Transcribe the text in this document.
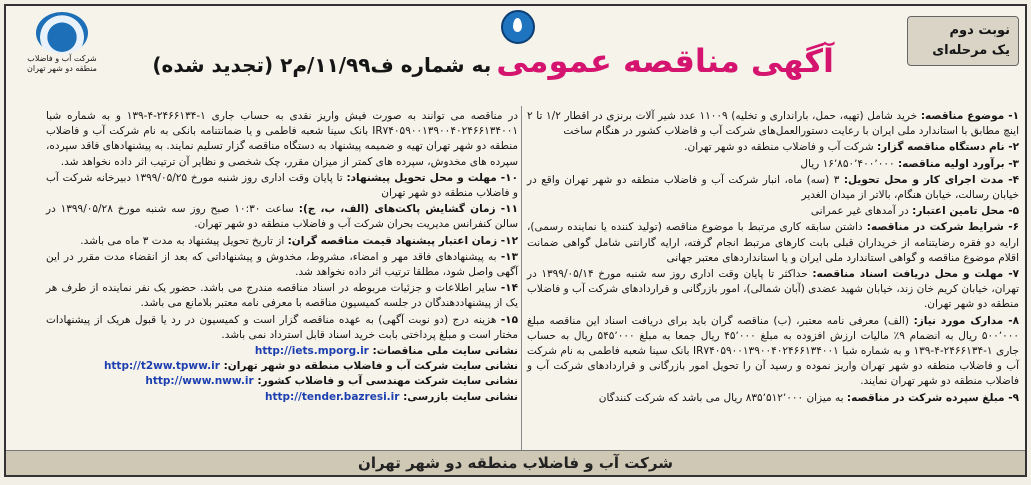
شرکت آب و فاضلاب منطقه دو شهر تهران
نوبت دوم
یک مرحله‌ای
آگهی مناقصه عمومی به شماره ف۱۱/۹۹/م۲ (تجدید شده)

۱- موضوع مناقصه: خرید شامل (تهیه، حمل، بارانداری و تخلیه) ۱۱۰۰۹ عدد شیر آلات برنزی در اقطار ۱/۲ تا ۲ اینچ مطابق با استاندارد ملی ایران با رعایت دستورالعمل‌های شرکت آب و فاضلاب کشور در هنگام ساخت

۲- نام دستگاه مناقصه گزار: شرکت آب و فاضلاب منطقه دو شهر تهران.

۳- برآورد اولیه مناقصه: ۱۶٬۸۵۰٬۴۰۰٬۰۰۰ ریال

۴- مدت اجرای کار و محل تحویل: ۳ (سه) ماه، انبار شرکت آب و فاضلاب منطقه دو شهر تهران واقع در خیابان رسالت، خیابان هنگام، بالاتر از میدان الغدیر

۵- محل تامین اعتبار: در آمدهای غیر عمرانی

۶- شرایط شرکت در مناقصه: داشتن سابقه کاری مرتبط با موضوع مناقصه (تولید کننده یا نماینده رسمی)، ارایه دو فقره رضایتنامه از خریداران قبلی بابت کارهای مرتبط انجام گرفته، ارایه گارانتی شامل گواهی ضمانت اقلام موضوع مناقصه و گواهی استاندارد ملی ایران و یا استانداردهای معتبر جهانی

۷- مهلت و محل دریافت اسناد مناقصه: حداکثر تا پایان وقت اداری روز سه شنبه مورخ ۱۳۹۹/۰۵/۱۴ در تهران، خیابان کریم خان زند، خیابان شهید عضدی (آبان شمالی)، امور بازرگانی و قراردادهای شرکت آب و فاضلاب منطقه دو شهر تهران.

۸- مدارک مورد نیاز: (الف) معرفی نامه معتبر، (ب) مناقصه گران باید برای دریافت اسناد این مناقصه مبلغ ۵۰۰٬۰۰۰ ریال به انضمام ۹٪ مالیات ارزش افزوده به مبلغ ۴۵٬۰۰۰ ریال جمعا به مبلغ ۵۴۵٬۰۰۰ ریال به حساب جاری ۱-۲۴۶۶۱۳۴-۴-۱۳۹ و به شماره شبا IR۷۴۰۵۹۰۰۱۳۹۰۰۴۰۲۴۶۶۱۳۴۰۰۱ بانک سینا شعبه فاطمی به نام شرکت آب و فاضلاب منطقه دو شهر تهران واریز نموده و رسید آن را تحویل امور بازرگانی و قراردادهای شرکت آب و فاضلاب منطقه دو شهر تهران نمایند.

۹- مبلغ سپرده شرکت در مناقصه: به میزان ۸۳۵٬۵۱۲٬۰۰۰ ریال می باشد که شرکت کنندگان

در مناقصه می توانند به صورت فیش واریز نقدی به حساب جاری ۱-۲۴۶۶۱۳۴-۴-۱۳۹ و به شماره شبا IR۷۴۰۵۹۰۰۱۳۹۰۰۴۰۲۴۶۶۱۳۴۰۰۱ بانک سینا شعبه فاطمی و یا ضمانتنامه بانکی به نام شرکت آب و فاضلاب منطقه دو شهر تهران تهیه و ضمیمه پیشنهاد به دستگاه مناقصه گزار تسلیم نمایند. به پیشنهادهای فاقد سپرده، سپرده های مخدوش، سپرده های کمتر از میزان مقرر، چک شخصی و نظایر آن ترتیب اثر داده نخواهد شد.

۱۰- مهلت و محل تحویل پیشنهاد: تا پایان وقت اداری روز شنبه مورخ ۱۳۹۹/۰۵/۲۵ دبیرخانه شرکت آب و فاضلاب منطقه دو شهر تهران

۱۱- زمان گشایش پاکت‌های (الف، ب، ج): ساعت ۱۰:۳۰ صبح روز سه شنبه مورخ ۱۳۹۹/۰۵/۲۸ در سالن کنفرانس مدیریت بحران شرکت آب و فاضلاب منطقه دو شهر تهران.

۱۲- زمان اعتبار پیشنهاد قیمت مناقصه گران: از تاریخ تحویل پیشنهاد به مدت ۳ ماه می باشد.

۱۳- به پیشنهادهای فاقد مهر و امضاء، مشروط، مخدوش و پیشنهاداتی که بعد از انقضاء مدت مقرر در این آگهی واصل شود، مطلقا ترتیب اثر داده نخواهد شد.

۱۴- سایر اطلاعات و جزئیات مربوطه در اسناد مناقصه مندرج می باشد. حضور یک نفر نماینده از طرف هر یک از پیشنهاددهندگان در جلسه کمیسیون مناقصه با معرفی نامه معتبر بلامانع می باشد.

۱۵- هزینه درج (دو نوبت آگهی) به عهده مناقصه گزار است و کمیسیون در رد یا قبول هریک از پیشنهادات مختار است و مبلغ پرداختی بابت خرید اسناد قابل استرداد نمی باشد.

نشانی سایت ملی مناقصات: http://iets.mporg.ir
نشانی سایت شرکت آب و فاضلاب منطقه دو شهر تهران: http://t2ww.tpww.ir
نشانی سایت شرکت مهندسی آب و فاضلاب کشور: http://www.nww.ir
نشانی سایت بازرسی: http://tender.bazresi.ir
شرکت آب و فاضلاب منطقه دو شهر تهران
